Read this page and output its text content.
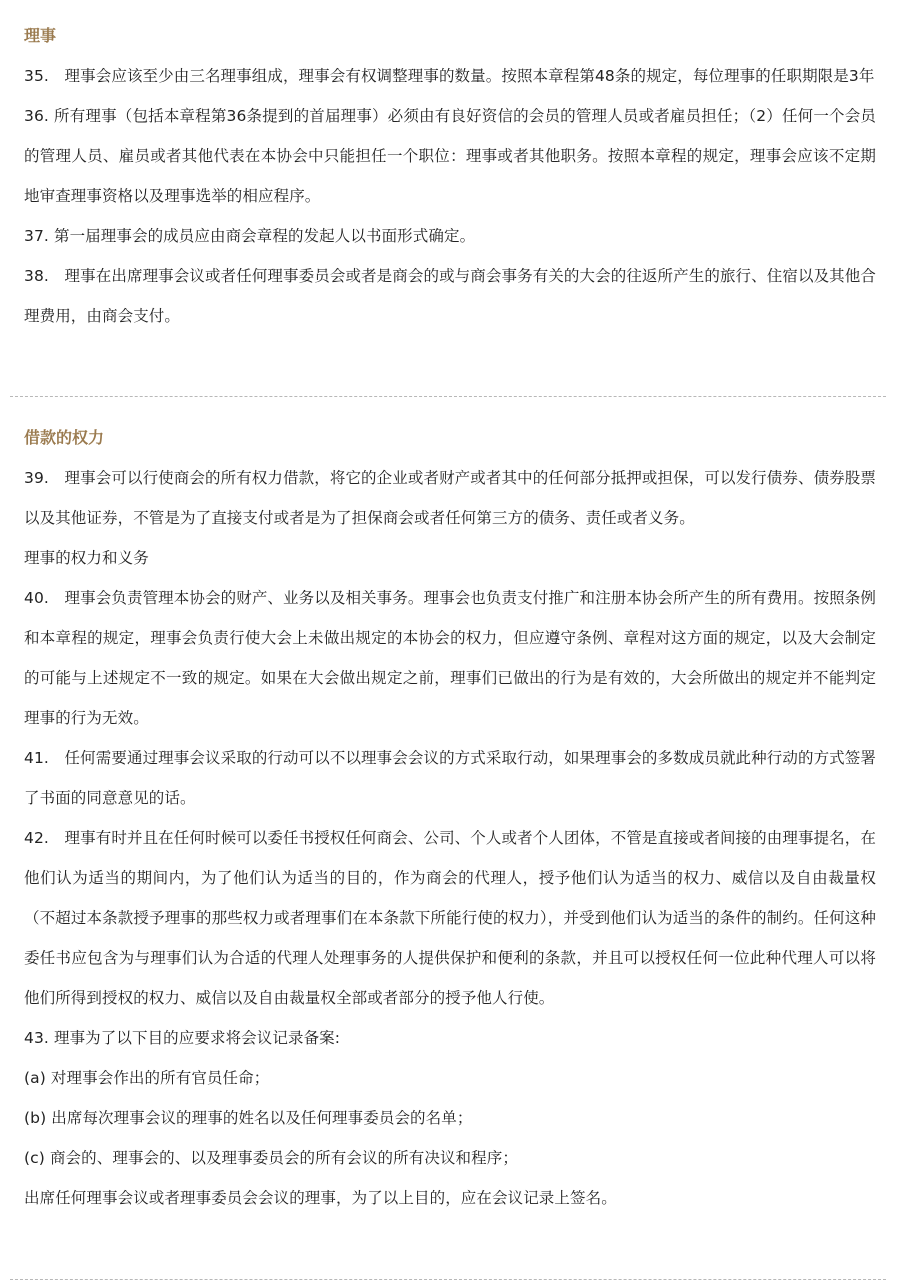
理事

35.　理事会应该至少由三名理事组成，理事会有权调整理事的数量。按照本章程第48条的规定，每位理事的任职期限是3年

36. 所有理事（包括本章程第36条提到的首届理事）必须由有良好资信的会员的管理人员或者雇员担任；（2）任何一个会员的管理人员、雇员或者其他代表在本协会中只能担任一个职位：理事或者其他职务。按照本章程的规定，理事会应该不定期地审查理事资格以及理事选举的相应程序。

37. 第一届理事会的成员应由商会章程的发起人以书面形式确定。

38.　理事在出席理事会议或者任何理事委员会或者是商会的或与商会事务有关的大会的往返所产生的旅行、住宿以及其他合理费用，由商会支付。

借款的权力

39.　理事会可以行使商会的所有权力借款，将它的企业或者财产或者其中的任何部分抵押或担保，可以发行债券、债券股票以及其他证券，不管是为了直接支付或者是为了担保商会或者任何第三方的债务、责任或者义务。

理事的权力和义务

40.　理事会负责管理本协会的财产、业务以及相关事务。理事会也负责支付推广和注册本协会所产生的所有费用。按照条例和本章程的规定，理事会负责行使大会上未做出规定的本协会的权力，但应遵守条例、章程对这方面的规定，以及大会制定的可能与上述规定不一致的规定。如果在大会做出规定之前，理事们已做出的行为是有效的，大会所做出的规定并不能判定理事的行为无效。

41.　任何需要通过理事会议采取的行动可以不以理事会会议的方式采取行动，如果理事会的多数成员就此种行动的方式签署了书面的同意意见的话。

42.　理事有时并且在任何时候可以委任书授权任何商会、公司、个人或者个人团体，不管是直接或者间接的由理事提名，在他们认为适当的期间内，为了他们认为适当的目的，作为商会的代理人，授予他们认为适当的权力、威信以及自由裁量权（不超过本条款授予理事的那些权力或者理事们在本条款下所能行使的权力），并受到他们认为适当的条件的制约。任何这种委任书应包含为与理事们认为合适的代理人处理事务的人提供保护和便利的条款，并且可以授权任何一位此种代理人可以将他们所得到授权的权力、威信以及自由裁量权全部或者部分的授予他人行使。

43. 理事为了以下目的应要求将会议记录备案:

(a) 对理事会作出的所有官员任命；

(b) 出席每次理事会议的理事的姓名以及任何理事委员会的名单；

(c) 商会的、理事会的、以及理事委员会的所有会议的所有决议和程序；

出席任何理事会议或者理事委员会会议的理事，为了以上目的，应在会议记录上签名。
